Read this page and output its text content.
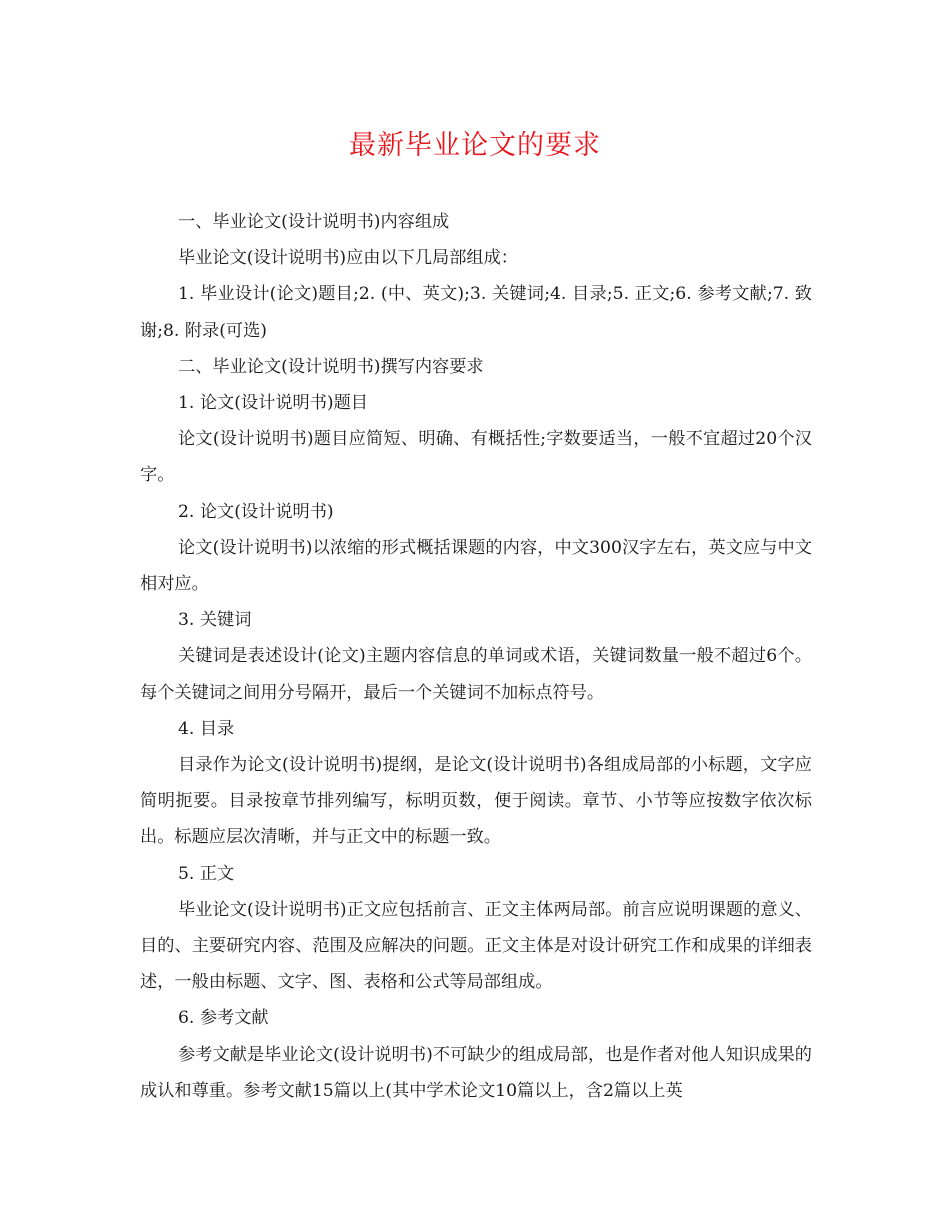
最新毕业论文的要求

一、毕业论文(设计说明书)内容组成

毕业论文(设计说明书)应由以下几局部组成：

1. 毕业设计(论文)题目;2. (中、英文);3. 关键词;4. 目录;5. 正文;6. 参考文献;7. 致谢;8. 附录(可选)

二、毕业论文(设计说明书)撰写内容要求

1. 论文(设计说明书)题目

论文(设计说明书)题目应简短、明确、有概括性;字数要适当，一般不宜超过20个汉字。

2. 论文(设计说明书)

论文(设计说明书)以浓缩的形式概括课题的内容，中文300汉字左右，英文应与中文相对应。

3. 关键词

关键词是表述设计(论文)主题内容信息的单词或术语，关键词数量一般不超过6个。每个关键词之间用分号隔开，最后一个关键词不加标点符号。

4. 目录

目录作为论文(设计说明书)提纲，是论文(设计说明书)各组成局部的小标题，文字应简明扼要。目录按章节排列编写，标明页数，便于阅读。章节、小节等应按数字依次标出。标题应层次清晰，并与正文中的标题一致。

5. 正文

毕业论文(设计说明书)正文应包括前言、正文主体两局部。前言应说明课题的意义、目的、主要研究内容、范围及应解决的问题。正文主体是对设计研究工作和成果的详细表述，一般由标题、文字、图、表格和公式等局部组成。

6. 参考文献

参考文献是毕业论文(设计说明书)不可缺少的组成局部，也是作者对他人知识成果的成认和尊重。参考文献15篇以上(其中学术论文10篇以上，含2篇以上英
